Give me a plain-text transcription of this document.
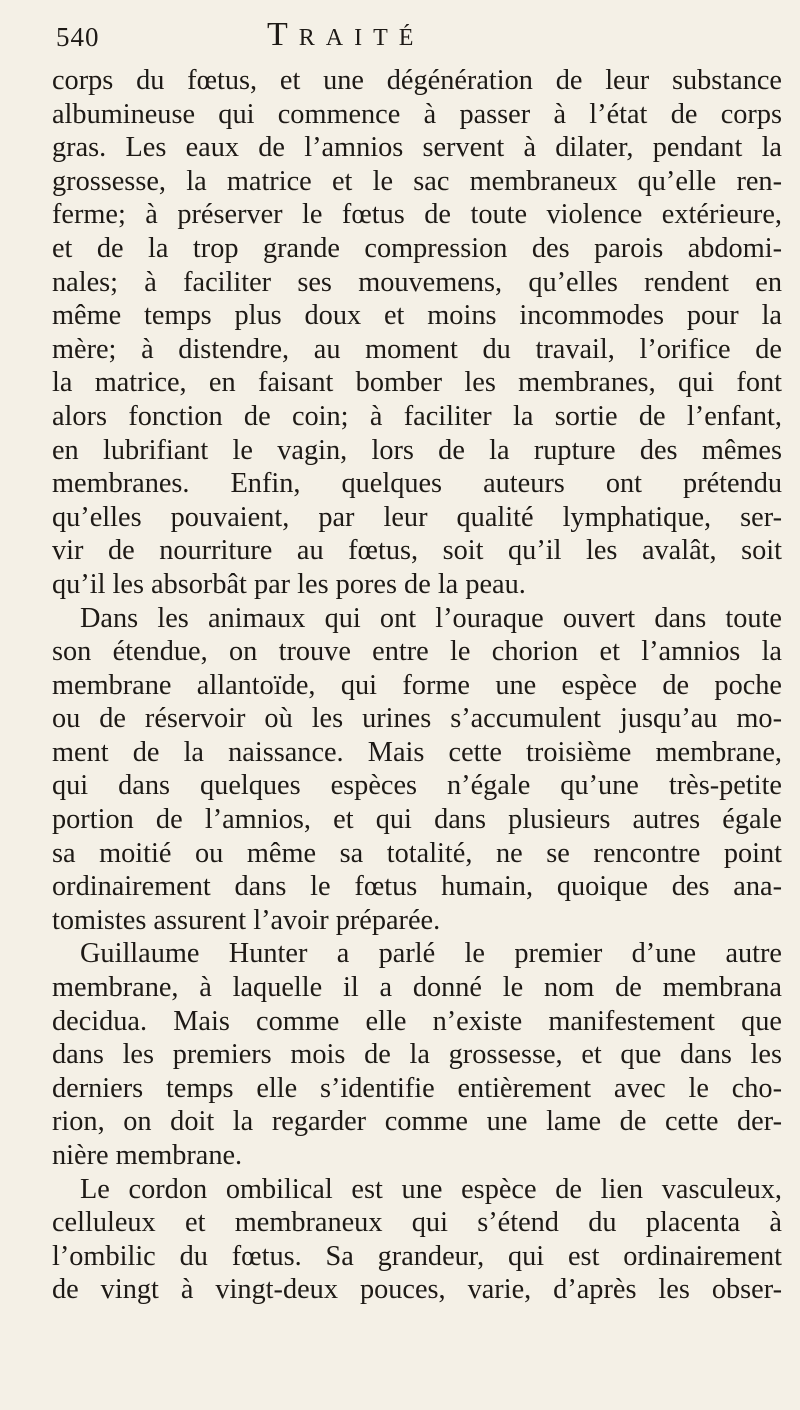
540	Traité
corps du fœtus, et une dégénération de leur substance
albumineuse qui commence à passer à l’état de corps
gras. Les eaux de l’amnios servent à dilater, pendant la
grossesse, la matrice et le sac membraneux qu’elle ren-
ferme; à préserver le fœtus de toute violence extérieure,
et de la trop grande compression des parois abdomi-
nales; à faciliter ses mouvemens, qu’elles rendent en
même temps plus doux et moins incommodes pour la
mère; à distendre, au moment du travail, l’orifice de
la matrice, en faisant bomber les membranes, qui font
alors fonction de coin; à faciliter la sortie de l’enfant,
en lubrifiant le vagin, lors de la rupture des mêmes
membranes. Enfin, quelques auteurs ont prétendu
qu’elles pouvaient, par leur qualité lymphatique, ser-
vir de nourriture au fœtus, soit qu’il les avalât, soit
qu’il les absorbât par les pores de la peau.
Dans les animaux qui ont l’ouraque ouvert dans toute
son étendue, on trouve entre le chorion et l’amnios la
membrane allantoïde, qui forme une espèce de poche
ou de réservoir où les urines s’accumulent jusqu’au mo-
ment de la naissance. Mais cette troisième membrane,
qui dans quelques espèces n’égale qu’une très-petite
portion de l’amnios, et qui dans plusieurs autres égale
sa moitié ou même sa totalité, ne se rencontre point
ordinairement dans le fœtus humain, quoique des ana-
tomistes assurent l’avoir préparée.
Guillaume Hunter a parlé le premier d’une autre
membrane, à laquelle il a donné le nom de membrana
decidua. Mais comme elle n’existe manifestement que
dans les premiers mois de la grossesse, et que dans les
derniers temps elle s’identifie entièrement avec le cho-
rion, on doit la regarder comme une lame de cette der-
nière membrane.
Le cordon ombilical est une espèce de lien vasculeux,
celluleux et membraneux qui s’étend du placenta à
l’ombilic du fœtus. Sa grandeur, qui est ordinairement
de vingt à vingt-deux pouces, varie, d’après les obser-
